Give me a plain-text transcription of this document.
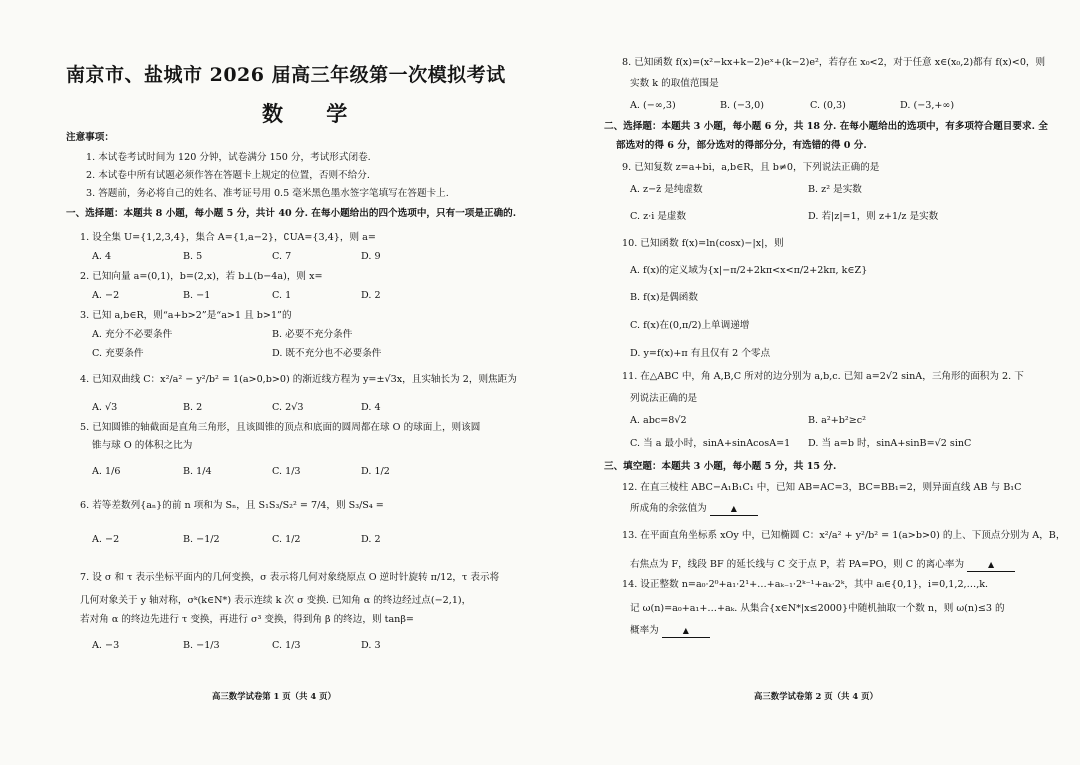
南京市、盐城市 2026 届高三年级第一次模拟考试
数 学
注意事项：
1. 本试卷考试时间为 120 分钟，试卷满分 150 分，考试形式闭卷.
2. 本试卷中所有试题必须作答在答题卡上规定的位置，否则不给分.
3. 答题前，务必将自己的姓名、准考证号用 0.5 毫米黑色墨水签字笔填写在答题卡上.
一、选择题：本题共 8 小题，每小题 5 分，共计 40 分. 在每小题给出的四个选项中，只有一项是正确的.
1. 设全集 U={1,2,3,4}，集合 A={1,a−2}，∁UA={3,4}，则 a=
A. 4	B. 5	C. 7	D. 9
2. 已知向量 a=(0,1)，b=(2,x)，若 b⊥(b−4a)，则 x=
A. −2	B. −1	C. 1	D. 2
3. 已知 a,b∈R，则“a+b>2”是“a>1 且 b>1”的
A. 充分不必要条件	B. 必要不充分条件
C. 充要条件	D. 既不充分也不必要条件
4. 已知双曲线 C：x²/a² − y²/b² = 1(a>0,b>0) 的渐近线方程为 y=±√3x，且实轴长为 2，则焦距为
A. √3	B. 2	C. 2√3	D. 4
5. 已知圆锥的轴截面是直角三角形，且该圆锥的顶点和底面的圆周都在球 O 的球面上，则该圆
锥与球 O 的体积之比为
A. 1/6	B. 1/4	C. 1/3	D. 1/2
6. 若等差数列{aₙ}的前 n 项和为 Sₙ，且 S₁S₃/S₂² = 7/4，则 S₃/S₄ =
A. −2	B. −1/2	C. 1/2	D. 2
7. 设 σ 和 τ 表示坐标平面内的几何变换，σ 表示将几何对象绕原点 O 逆时针旋转 π/12，τ 表示将
几何对象关于 y 轴对称，σᵏ(k∈N*) 表示连续 k 次 σ 变换. 已知角 α 的终边经过点(−2,1)，
若对角 α 的终边先进行 τ 变换，再进行 σ³ 变换，得到角 β 的终边，则 tanβ=
A. −3	B. −1/3	C. 1/3	D. 3
高三数学试卷第 1 页（共 4 页）
8. 已知函数 f(x)=(x²−kx+k−2)eˣ+(k−2)e²，若存在 x₀<2，对于任意 x∈(x₀,2)都有 f(x)<0，则
实数 k 的取值范围是
A. (−∞,3)	B. (−3,0)	C. (0,3)	D. (−3,+∞)
二、选择题：本题共 3 小题，每小题 6 分，共 18 分. 在每小题给出的选项中，有多项符合题目要求. 全
部选对的得 6 分，部分选对的得部分分，有选错的得 0 分.
9. 已知复数 z=a+bi，a,b∈R，且 b≠0，下列说法正确的是
A. z−z̄ 是纯虚数	B. z² 是实数
C. z·i 是虚数	D. 若|z|=1，则 z+1/z 是实数
10. 已知函数 f(x)=ln(cosx)−|x|，则
A. f(x)的定义域为{x|−π/2+2kπ<x<π/2+2kπ, k∈Z}
B. f(x)是偶函数
C. f(x)在(0,π/2)上单调递增
D. y=f(x)+π 有且仅有 2 个零点
11. 在△ABC 中，角 A,B,C 所对的边分别为 a,b,c. 已知 a=2√2 sinA，三角形的面积为 2. 下
列说法正确的是
A. abc=8√2	B. a²+b²≥c²
C. 当 a 最小时，sinA+sinAcosA=1 D. 当 a=b 时，sinA+sinB=√2 sinC
三、填空题：本题共 3 小题，每小题 5 分，共 15 分.
12. 在直三棱柱 ABC−A₁B₁C₁ 中，已知 AB=AC=3，BC=BB₁=2，则异面直线 AB 与 B₁C
所成角的余弦值为	▲
13. 在平面直角坐标系 xOy 中，已知椭圆 C：x²/a² + y²/b² = 1(a>b>0) 的上、下顶点分别为 A，B，
右焦点为 F，线段 BF 的延长线与 C 交于点 P，若 PA=PO，则 C 的离心率为	▲
14. 设正整数 n=a₀·2⁰+a₁·2¹+…+aₖ₋₁·2ᵏ⁻¹+aₖ·2ᵏ，其中 aᵢ∈{0,1}，i=0,1,2,…,k.
记 ω(n)=a₀+a₁+…+aₖ. 从集合{x∈N*|x≤2000}中随机抽取一个数 n，则 ω(n)≤3 的
概率为	▲
高三数学试卷第 2 页（共 4 页）
